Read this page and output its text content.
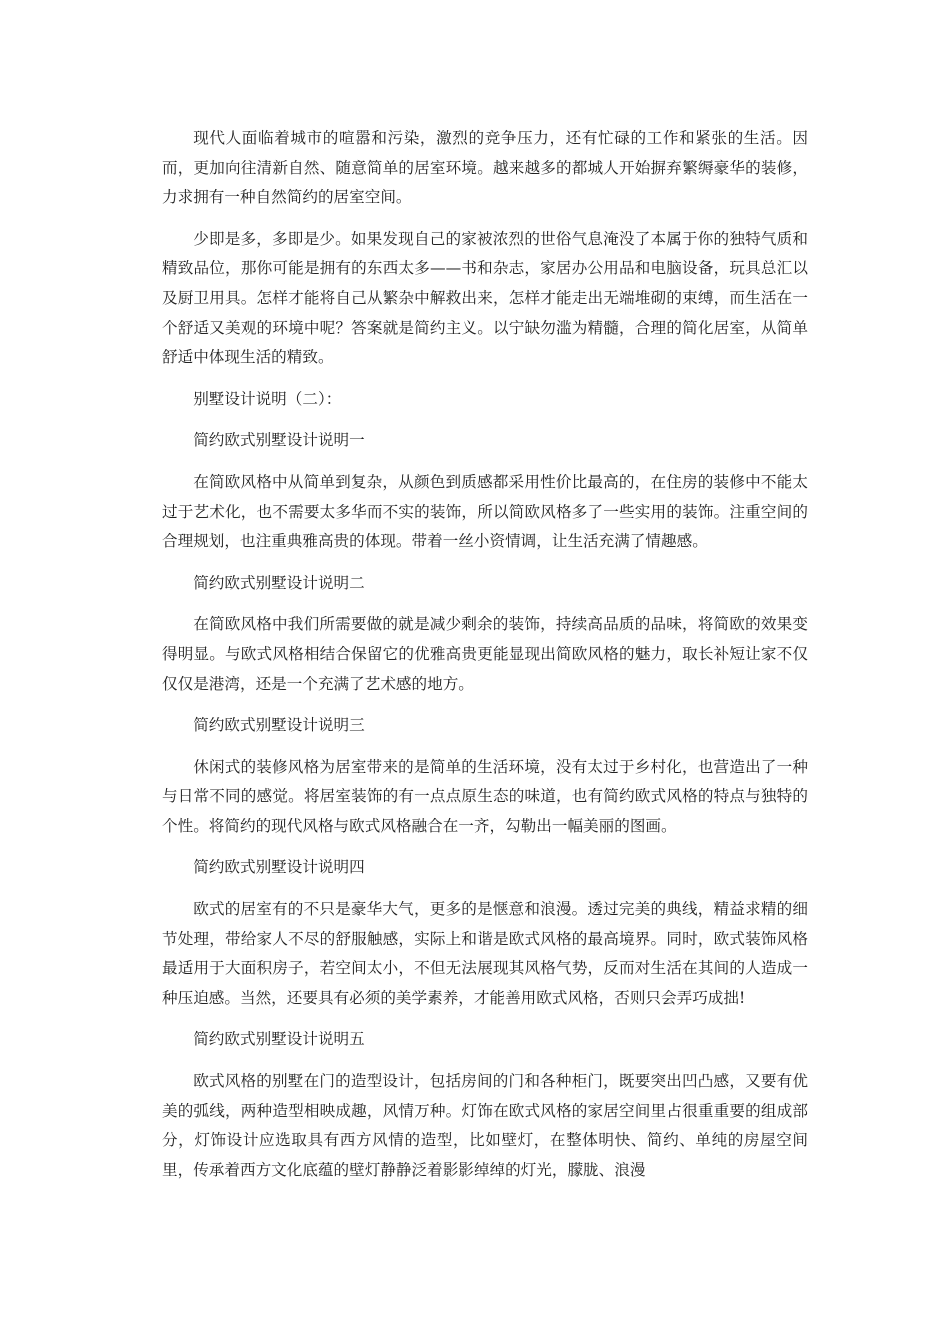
现代人面临着城市的喧嚣和污染，激烈的竞争压力，还有忙碌的工作和紧张的生活。因而，更加向往清新自然、随意简单的居室环境。越来越多的都城人开始摒弃繁缛豪华的装修，力求拥有一种自然简约的居室空间。

少即是多，多即是少。如果发现自己的家被浓烈的世俗气息淹没了本属于你的独特气质和精致品位，那你可能是拥有的东西太多——书和杂志，家居办公用品和电脑设备，玩具总汇以及厨卫用具。怎样才能将自己从繁杂中解救出来，怎样才能走出无端堆砌的束缚，而生活在一个舒适又美观的环境中呢？答案就是简约主义。以宁缺勿滥为精髓，合理的简化居室，从简单舒适中体现生活的精致。

别墅设计说明（二）：

简约欧式别墅设计说明一

在简欧风格中从简单到复杂，从颜色到质感都采用性价比最高的，在住房的装修中不能太过于艺术化，也不需要太多华而不实的装饰，所以简欧风格多了一些实用的装饰。注重空间的合理规划，也注重典雅高贵的体现。带着一丝小资情调，让生活充满了情趣感。

简约欧式别墅设计说明二

在简欧风格中我们所需要做的就是减少剩余的装饰，持续高品质的品味，将简欧的效果变得明显。与欧式风格相结合保留它的优雅高贵更能显现出简欧风格的魅力，取长补短让家不仅仅仅是港湾，还是一个充满了艺术感的地方。

简约欧式别墅设计说明三

休闲式的装修风格为居室带来的是简单的生活环境，没有太过于乡村化，也营造出了一种与日常不同的感觉。将居室装饰的有一点点原生态的味道，也有简约欧式风格的特点与独特的个性。将简约的现代风格与欧式风格融合在一齐，勾勒出一幅美丽的图画。

简约欧式别墅设计说明四

欧式的居室有的不只是豪华大气，更多的是惬意和浪漫。透过完美的典线，精益求精的细节处理，带给家人不尽的舒服触感，实际上和谐是欧式风格的最高境界。同时，欧式装饰风格最适用于大面积房子，若空间太小，不但无法展现其风格气势，反而对生活在其间的人造成一种压迫感。当然，还要具有必须的美学素养，才能善用欧式风格，否则只会弄巧成拙!

简约欧式别墅设计说明五

欧式风格的别墅在门的造型设计，包括房间的门和各种柜门，既要突出凹凸感，又要有优美的弧线，两种造型相映成趣，风情万种。灯饰在欧式风格的家居空间里占很重重要的组成部分，灯饰设计应选取具有西方风情的造型，比如壁灯，在整体明快、简约、单纯的房屋空间里，传承着西方文化底蕴的壁灯静静泛着影影绰绰的灯光，朦胧、浪漫
